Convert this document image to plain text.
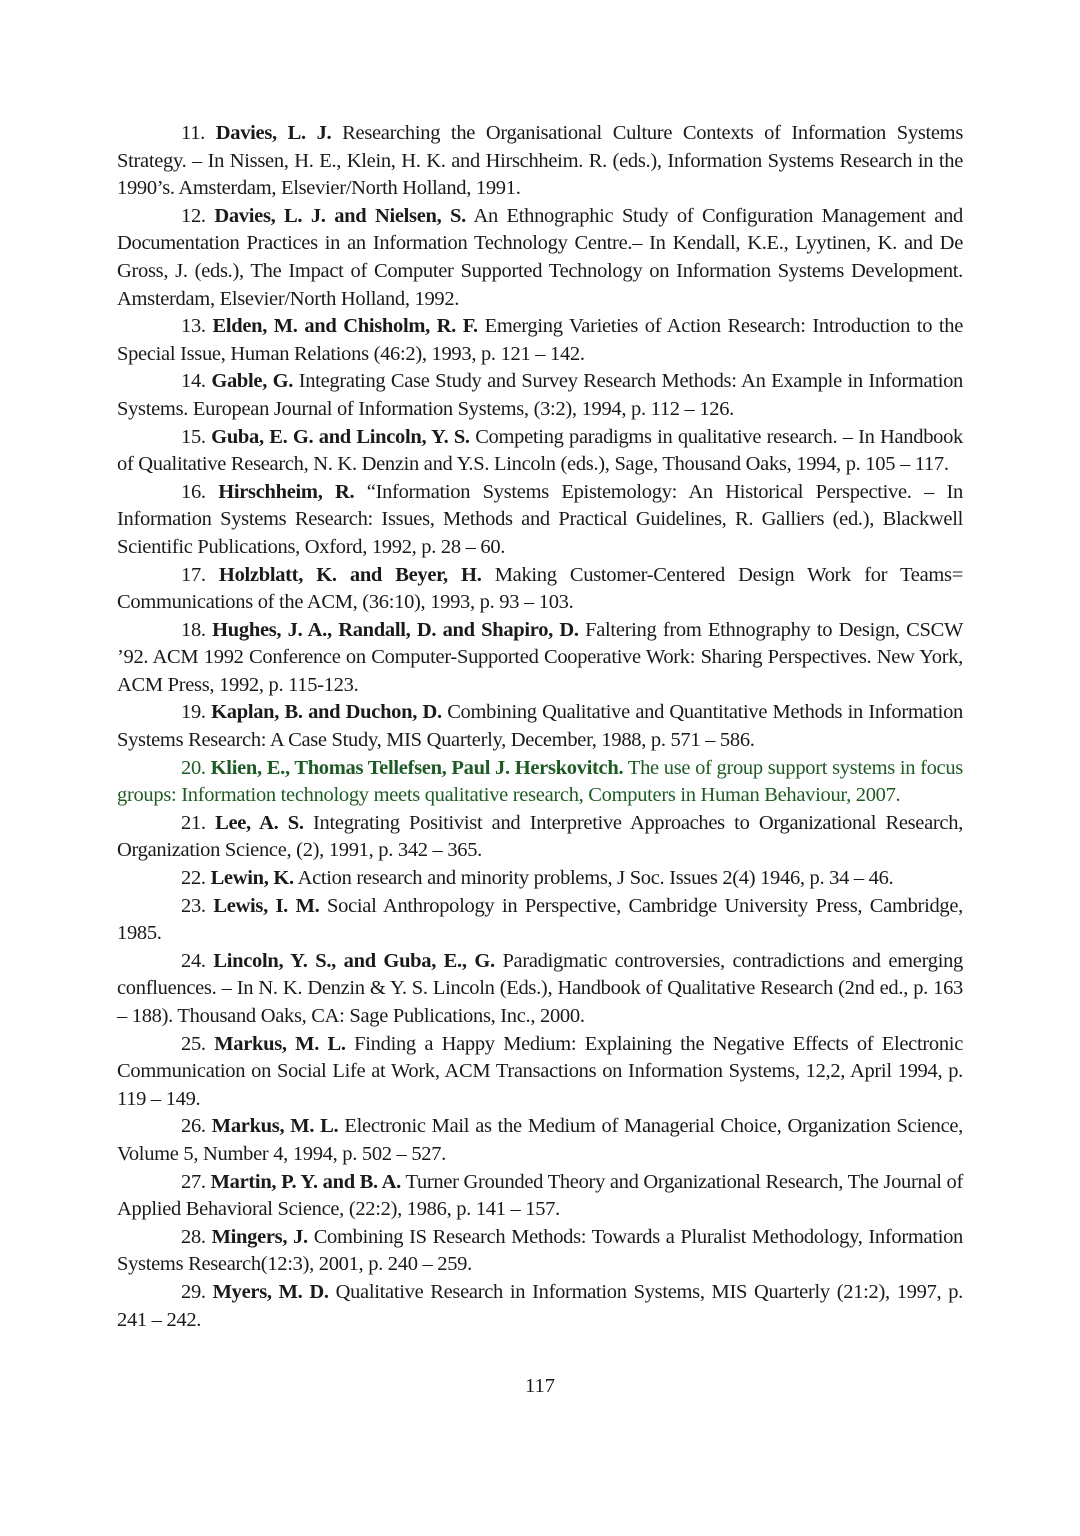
11. Davies, L. J. Researching the Organisational Culture Contexts of Information Systems Strategy. – In Nissen, H. E., Klein, H. K. and Hirschheim. R. (eds.), Information Systems Research in the 1990’s. Amsterdam, Elsevier/North Holland, 1991.

12. Davies, L. J. and Nielsen, S. An Ethnographic Study of Configuration Management and Documentation Practices in an Information Technology Centre.– In Kendall, K.E., Lyytinen, K. and De Gross, J. (eds.), The Impact of Computer Supported Technology on Information Systems Development. Amsterdam, Elsevier/North Holland, 1992.

13. Elden, M. and Chisholm, R. F. Emerging Varieties of Action Research: Introduction to the Special Issue, Human Relations (46:2), 1993, p. 121 – 142.

14. Gable, G. Integrating Case Study and Survey Research Methods: An Example in Information Systems. European Journal of Information Systems, (3:2), 1994, p. 112 – 126.

15. Guba, E. G. and Lincoln, Y. S. Competing paradigms in qualitative research. – In Handbook of Qualitative Research, N. K. Denzin and Y.S. Lincoln (eds.), Sage, Thousand Oaks, 1994, p. 105 – 117.

16. Hirschheim, R. “Information Systems Epistemology: An Historical Perspective. – In Information Systems Research: Issues, Methods and Practical Guidelines, R. Galliers (ed.), Blackwell Scientific Publications, Oxford, 1992, p. 28 – 60.

17. Holzblatt, K. and Beyer, H. Making Customer-Centered Design Work for Teams= Communications of the ACM, (36:10), 1993, p. 93 – 103.

18. Hughes, J. A., Randall, D. and Shapiro, D. Faltering from Ethnography to Design, CSCW ’92. ACM 1992 Conference on Computer-Supported Cooperative Work: Sharing Perspectives. New York, ACM Press, 1992, p. 115-123.

19. Kaplan, B. and Duchon, D. Combining Qualitative and Quantitative Methods in Information Systems Research: A Case Study, MIS Quarterly, December, 1988, p. 571 – 586.

20. Klien, E., Thomas Tellefsen, Paul J. Herskovitch. The use of group support systems in focus groups: Information technology meets qualitative research, Computers in Human Behaviour, 2007.

21. Lee, A. S. Integrating Positivist and Interpretive Approaches to Organizational Research, Organization Science, (2), 1991, p. 342 – 365.

22. Lewin, K. Action research and minority problems, J Soc. Issues 2(4) 1946, p. 34 – 46.

23. Lewis, I. M. Social Anthropology in Perspective, Cambridge University Press, Cambridge, 1985.

24. Lincoln, Y. S., and Guba, E., G. Paradigmatic controversies, contradictions and emerging confluences. – In N. K. Denzin & Y. S. Lincoln (Eds.), Handbook of Qualitative Research (2nd ed., p. 163 – 188). Thousand Oaks, CA: Sage Publications, Inc., 2000.

25. Markus, M. L. Finding a Happy Medium: Explaining the Negative Effects of Electronic Communication on Social Life at Work, ACM Transactions on Information Systems, 12,2, April 1994, p. 119 – 149.

26. Markus, M. L. Electronic Mail as the Medium of Managerial Choice, Organization Science, Volume 5, Number 4, 1994, p. 502 – 527.

27. Martin, P. Y. and B. A. Turner Grounded Theory and Organizational Research, The Journal of Applied Behavioral Science, (22:2), 1986, p. 141 – 157.

28. Mingers, J. Combining IS Research Methods: Towards a Pluralist Methodology, Information Systems Research(12:3), 2001, p. 240 – 259.

29. Myers, M. D. Qualitative Research in Information Systems, MIS Quarterly (21:2), 1997, p. 241 – 242.

117
